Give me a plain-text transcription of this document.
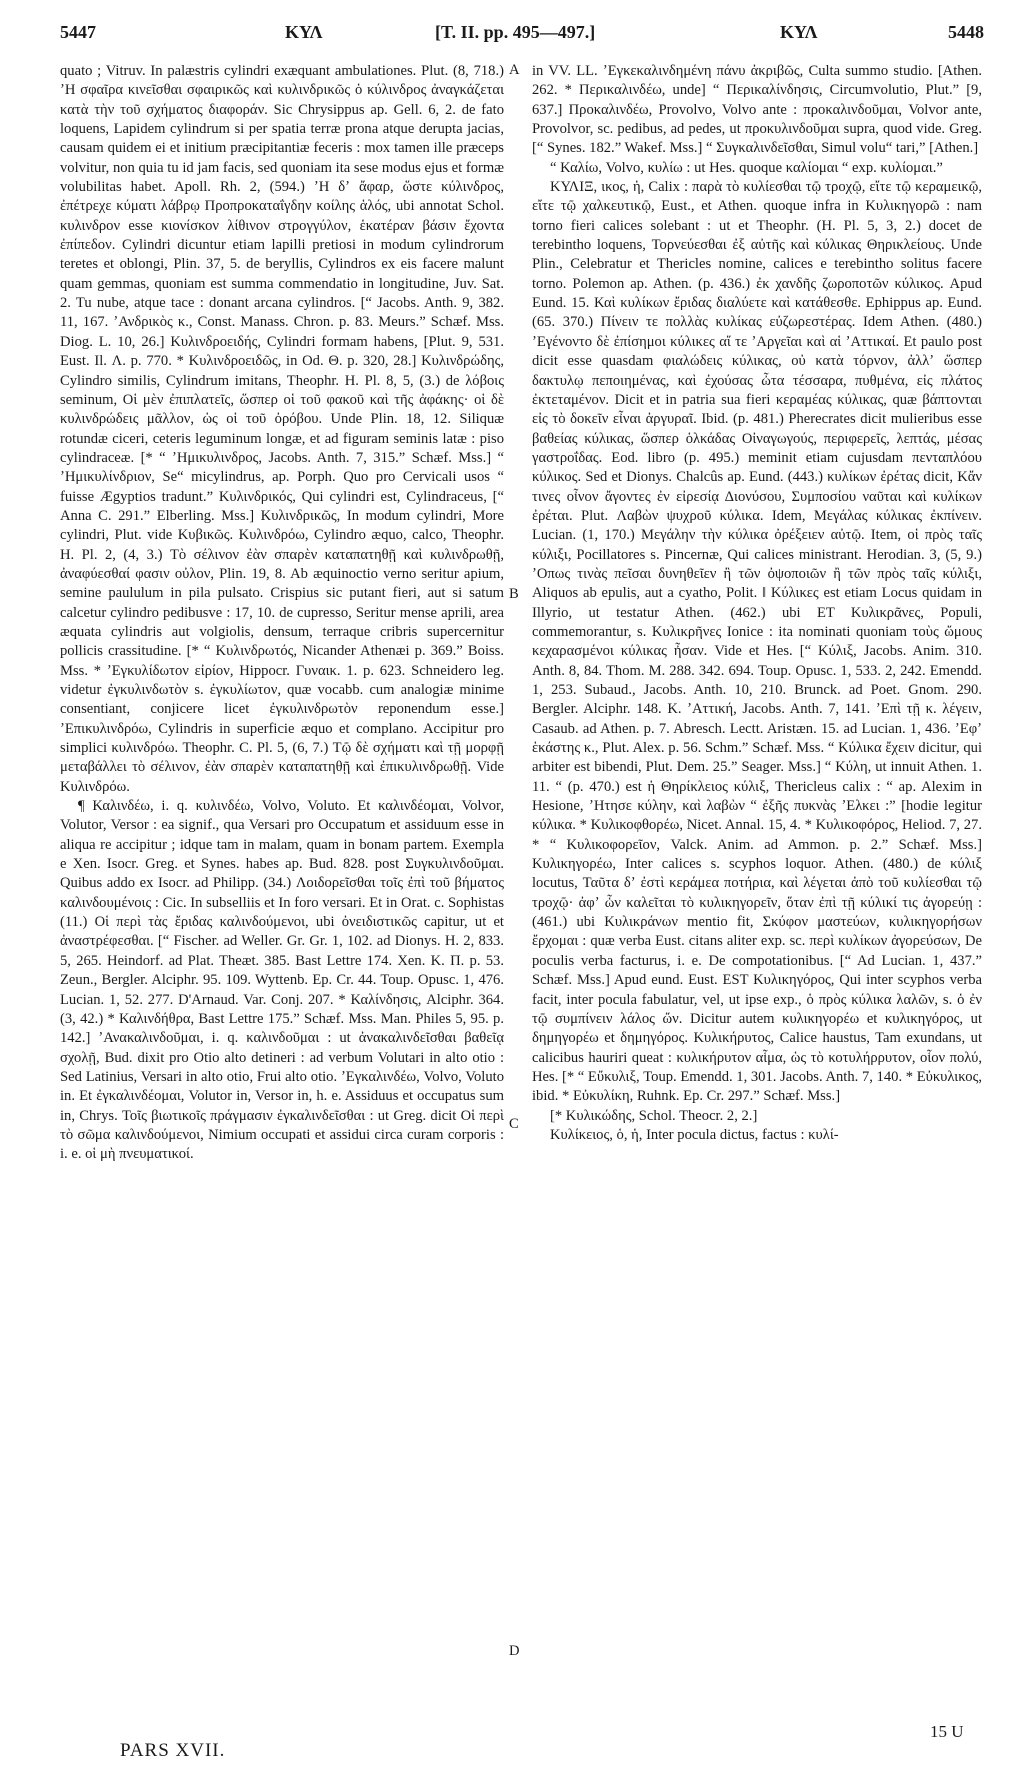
5447	ΚΥΛ	[T. II. pp. 495—497.]	ΚΥΛ	5448

quato ; Vitruv. In palæstris cylindri exæquant ambulationes. Plut. (8, 718.) ʼΗ σφαῖρα κινεῖσθαι σφαιρικῶς καὶ κυλινδρικῶς ὁ κύλινδρος ἀναγκάζεται κατὰ τὴν τοῦ σχήματος διαφοράν. Sic Chrysippus ap. Gell. 6, 2. de fato loquens, Lapidem cylindrum si per spatia terræ prona atque derupta jacias, causam quidem ei et initium præcipitantiæ feceris : mox tamen ille præceps volvitur, non quia tu id jam facis, sed quoniam ita sese modus ejus et formæ volubilitas habet. Apoll. Rh. 2, (594.) ʼΗ δʼ ἄφαρ, ὥστε κύλινδρος, ἐπέτρεχε κύματι λάβρῳ Προπροκαταΐγδην κοίλης ἁλός, ubi annotat Schol. κυλινδρον esse κιονίσκον λίθινον στρογγύλον, ἑκατέραν βάσιν ἔχοντα ἐπίπεδον. Cylindri dicuntur etiam lapilli pretiosi in modum cylindrorum teretes et oblongi, Plin. 37, 5. de beryllis, Cylindros ex eis facere malunt quam gemmas, quoniam est summa commendatio in longitudine, Juv. Sat. 2. Tu nube, atque tace : donant arcana cylindros. [“ Jacobs. Anth. 9, 382. 11, 167. ʼΑνδρικὸς κ., Const. Manass. Chron. p. 83. Meurs.” Schæf. Mss. Diog. L. 10, 26.] Κυλινδροειδής, Cylindri formam habens, [Plut. 9, 531. Eust. Il. Λ. p. 770. * Κυλινδροειδῶς, in Od. Θ. p. 320, 28.] Κυλινδρώδης, Cylindro similis, Cylindrum imitans, Theophr. H. Pl. 8, 5, (3.) de λόβοις seminum, Οἱ μὲν ἐπιπλατεῖς, ὥσπερ οἱ τοῦ φακοῦ καὶ τῆς ἀφάκης· οἱ δὲ κυλινδρώδεις μᾶλλον, ὡς οἱ τοῦ ὀρόβου. Unde Plin. 18, 12. Siliquæ rotundæ ciceri, ceteris leguminum longæ, et ad figuram seminis latæ : piso cylindraceæ. [* “ ʼΗμικυλινδρος, Jacobs. Anth. 7, 315.” Schæf. Mss.] “ ʼΗμικυλίνδριον, Se“ micylindrus, ap. Porph. Quo pro Cervicali usos “ fuisse Ægyptios tradunt.” Κυλινδρικός, Qui cylindri est, Cylindraceus, [“ Anna C. 291.” Elberling. Mss.] Κυλινδρικῶς, In modum cylindri, More cylindri, Plut. vide Κυβικῶς. Κυλινδρόω, Cylindro æquo, calco, Theophr. H. Pl. 2, (4, 3.) Τὸ σέλινον ἐὰν σπαρὲν καταπατηθῇ καὶ κυλινδρωθῇ, ἀναφύεσθαί φασιν οὐλον, Plin. 19, 8. Ab æquinoctio verno seritur apium, semine paululum in pila pulsato. Crispius sic putant fieri, aut si satum calcetur cylindro pedibusve : 17, 10. de cupresso, Seritur mense aprili, area æquata cylindris aut volgiolis, densum, terraque cribris supercernitur pollicis crassitudine. [* “ Κυλινδρωτός, Nicander Athenæi p. 369.” Boiss. Mss. * ʼΕγκυλίδωτον εἰρίον, Hippocr. Γυναικ. 1. p. 623. Schneidero leg. videtur ἐγκυλινδωτὸν s. ἐγκυλίωτον, quæ vocabb. cum analogiæ minime consentiant, conjicere licet ἐγκυλινδρωτὸν reponendum esse.] ʼΕπικυλινδρόω, Cylindris in superficie æquo et complano. Accipitur pro simplici κυλινδρόω. Theophr. C. Pl. 5, (6, 7.) Τῷ δὲ σχήματι καὶ τῇ μορφῇ μεταβάλλει τὸ σέλινον, ἐὰν σπαρὲν καταπατηθῇ καὶ ἐπικυλινδρωθῇ. Vide Κυλινδρόω.

¶ Καλινδέω, i. q. κυλινδέω, Volvo, Voluto. Et καλινδέομαι, Volvor, Volutor, Versor : ea signif., qua Versari pro Occupatum et assiduum esse in aliqua re accipitur ; idque tam in malam, quam in bonam partem. Exempla e Xen. Isocr. Greg. et Synes. habes ap. Bud. 828. post Συγκυλινδοῦμαι. Quibus addo ex Isocr. ad Philipp. (34.) Λοιδορεῖσθαι τοῖς ἐπὶ τοῦ βήματος καλινδουμένοις : Cic. In subselliis et In foro versari. Et in Orat. c. Sophistas (11.) Οἱ περὶ τὰς ἔριδας καλινδούμενοι, ubi ὀνειδιστικῶς capitur, ut et ἀναστρέφεσθαι. [“ Fischer. ad Weller. Gr. Gr. 1, 102. ad Dionys. H. 2, 833. 5, 265. Heindorf. ad Plat. Theæt. 385. Bast Lettre 174. Xen. K. Π. p. 53. Zeun., Bergler. Alciphr. 95. 109. Wyttenb. Ep. Cr. 44. Toup. Opusc. 1, 476. Lucian. 1, 52. 277. D'Arnaud. Var. Conj. 207. * Καλίνδησις, Alciphr. 364. (3, 42.) * Καλινδήθρα, Bast Lettre 175.” Schæf. Mss. Man. Philes 5, 95. p. 142.] ʼΑνακαλινδοῦμαι, i. q. καλινδοῦμαι : ut ἀνακαλινδεῖσθαι βαθεῖᾳ σχολῇ, Bud. dixit pro Otio alto detineri : ad verbum Volutari in alto otio : Sed Latinius, Versari in alto otio, Frui alto otio. ʼΕγκαλινδέω, Volvo, Voluto in. Et ἐγκαλινδέομαι, Volutor in, Versor in, h. e. Assiduus et occupatus sum in, Chrys. Τοῖς βιωτικοῖς πράγμασιν ἐγκαλινδεῖσθαι : ut Greg. dicit Οἱ περὶ τὸ σῶμα καλινδούμενοι, Nimium occupati et assidui circa curam corporis : i. e. οἱ μὴ πνευματικοί.

A
B
C
D

in VV. LL. ʼΕγκεκαλινδημένη πάνυ ἀκριβῶς, Culta summo studio. [Athen. 262. * Περικαλινδέω, unde] “ Περικαλίνδησις, Circumvolutio, Plut.” [9, 637.] Προκαλινδέω, Provolvo, Volvo ante : προκαλινδοῦμαι, Volvor ante, Provolvor, sc. pedibus, ad pedes, ut προκυλινδοῦμαι supra, quod vide. Greg. [“ Synes. 182.” Wakef. Mss.] “ Συγκαλινδεῖσθαι, Simul volu“ tari,” [Athen.]

“ Καλίω, Volvo, κυλίω : ut Hes. quoque καλίομαι “ exp. κυλίομαι.”

ΚΥΛΙΞ, ικος, ἡ, Calix : παρὰ τὸ κυλίεσθαι τῷ τροχῷ, εἴτε τῷ κεραμεικῷ, εἴτε τῷ χαλκευτικῷ, Eust., et Athen. quoque infra in Κυλικηγορῶ : nam torno fieri calices solebant : ut et Theophr. (H. Pl. 5, 3, 2.) docet de terebintho loquens, Τορνεύεσθαι ἐξ αὐτῆς καὶ κύλικας Θηρικλείους. Unde Plin., Celebratur et Thericles nomine, calices e terebintho solitus facere torno. Polemon ap. Athen. (p. 436.) ἐκ χανδῆς ζωροποτῶν κύλικος. Apud Eund. 15. Καὶ κυλίκων ἔριδας διαλύετε καὶ κατάθεσθε. Ephippus ap. Eund. (65. 370.) Πίνειν τε πολλὰς κυλίκας εὐζωρεστέρας. Idem Athen. (480.) ʼΕγένοντο δὲ ἐπίσημοι κύλικες αἵ τε ʼΑργεῖαι καὶ αἱ ʼΑττικαί. Et paulo post dicit esse quasdam φιαλώδεις κύλικας, οὐ κατὰ τόρνον, ἀλλʼ ὥσπερ δακτυλῳ πεποιημένας, καὶ ἐχούσας ὦτα τέσσαρα, πυθμένα, εἰς πλάτος ἐκτεταμένον. Dicit et in patria sua fieri κεραμέας κύλικας, quæ βάπτονται εἰς τὸ δοκεῖν εἶναι ἀργυραῖ. Ibid. (p. 481.) Pherecrates dicit mulieribus esse βαθείας κύλικας, ὥσπερ ὁλκάδας Οἰναγωγούς, περιφερεῖς, λεπτάς, μέσας γαστροΐδας. Eod. libro (p. 495.) meminit etiam cujusdam πενταπλόου κύλικος. Sed et Dionys. Chalcûs ap. Eund. (443.) κυλίκων ἐρέτας dicit, Κἄν τινες οἶνον ἄγοντες ἐν εἰρεσίᾳ Διονύσου, Συμποσίου ναῦται καὶ κυλίκων ἐρέται. Plut. Λαβὼν ψυχροῦ κύλικα. Idem, Μεγάλας κύλικας ἐκπίνειν. Lucian. (1, 170.) Μεγάλην τὴν κύλικα ὀρέξειεν αὐτῷ. Item, οἱ πρὸς ταῖς κύλιξι, Pocillatores s. Pincernæ, Qui calices ministrant. Herodian. 3, (5, 9.) ʼΟπως τινὰς πεῖσαι δυνηθεῖεν ἢ τῶν ὀψοποιῶν ἢ τῶν πρὸς ταῖς κύλιξι, Aliquos ab epulis, aut a cyatho, Polit. ‖ Κύλικες est etiam Locus quidam in Illyrio, ut testatur Athen. (462.) ubi ET Κυλικρᾶνες, Populi, commemorantur, s. Κυλικρῆνες Ionice : ita nominati quoniam τοὺς ὤμους κεχαρασμένοι κύλικας ἦσαν. Vide et Hes. [“ Κύλιξ, Jacobs. Anim. 310. Anth. 8, 84. Thom. M. 288. 342. 694. Toup. Opusc. 1, 533. 2, 242. Emendd. 1, 253. Subaud., Jacobs. Anth. 10, 210. Brunck. ad Poet. Gnom. 290. Bergler. Alciphr. 148. Κ. ʼΑττική, Jacobs. Anth. 7, 141. ʼΕπὶ τῇ κ. λέγειν, Casaub. ad Athen. p. 7. Abresch. Lectt. Aristæn. 15. ad Lucian. 1, 436. ʼΕφʼ ἑκάστης κ., Plut. Alex. p. 56. Schm.” Schæf. Mss. “ Κύλικα ἔχειν dicitur, qui arbiter est bibendi, Plut. Dem. 25.” Seager. Mss.] “ Κύλη, ut innuit Athen. 1. 11. “ (p. 470.) est ἡ Θηρίκλειος κύλιξ, Thericleus calix : “ ap. Alexim in Hesione, ʼΗτησε κύλην, καὶ λαβὼν “ ἐξῆς πυκνὰς ʼΕλκει :” [hodie legitur κύλικα. * Κυλικοφθορέω, Nicet. Annal. 15, 4. * Κυλικοφόρος, Heliod. 7, 27. * “ Κυλικοφορεῖον, Valck. Anim. ad Ammon. p. 2.” Schæf. Mss.] Κυλικηγορέω, Inter calices s. scyphos loquor. Athen. (480.) de κύλιξ locutus, Ταῦτα δʼ ἐστὶ κεράμεα ποτήρια, καὶ λέγεται ἀπὸ τοῦ κυλίεσθαι τῷ τροχῷ· ἀφʼ ὧν καλεῖται τὸ κυλικηγορεῖν, ὅταν ἐπὶ τῇ κύλικί τις ἀγορεύῃ : (461.) ubi Κυλικράνων mentio fit, Σκύφον μαστεύων, κυλικηγορήσων ἔρχομαι : quæ verba Eust. citans aliter exp. sc. περὶ κυλίκων ἀγορεύσων, De poculis verba facturus, i. e. De compotationibus. [“ Ad Lucian. 1, 437.” Schæf. Mss.] Apud eund. Eust. EST Κυλικηγόρος, Qui inter scyphos verba facit, inter pocula fabulatur, vel, ut ipse exp., ὁ πρὸς κύλικα λαλῶν, s. ὁ ἐν τῷ συμπίνειν λάλος ὤν. Dicitur autem κυλικηγορέω et κυλικηγόρος, ut δημηγορέω et δημηγόρος. Κυλικήρυτος, Calice haustus, Tam exundans, ut calicibus hauriri queat : κυλικήρυτον αἷμα, ὡς τὸ κοτυλήρρυτον, οἷον πολύ, Hes. [* “ Εὔκυλιξ, Toup. Emendd. 1, 301. Jacobs. Anth. 7, 140. * Εὐκυλικος, ibid. * Εὐκυλίκη, Ruhnk. Ep. Cr. 297.” Schæf. Mss.]

[* Κυλικώδης, Schol. Theocr. 2, 2.]

Κυλίκειος, ὁ, ἡ, Inter pocula dictus, factus : κυλί-

PARS XVII.
15 U
